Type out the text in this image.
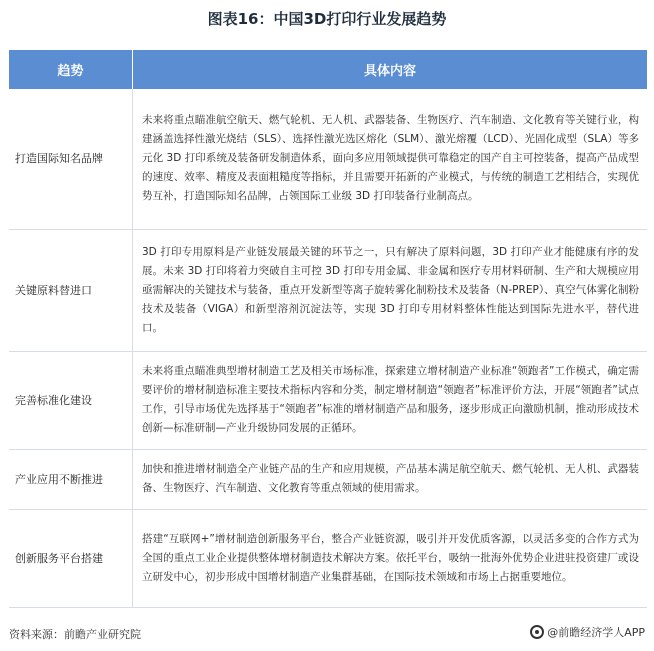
图表16：中国3D打印行业发展趋势
趋势	具体内容
打造国际知名品牌	未来将重点瞄准航空航天、燃气轮机、无人机、武器装备、生物医疗、汽车制造、文化教育等关键行业，构建涵盖选择性激光烧结（SLS）、选择性激光选区熔化（SLM）、激光熔覆（LCD）、光固化成型（SLA）等多元化 3D 打印系统及装备研发制造体系，面向多应用领域提供可靠稳定的国产自主可控装备，提高产品成型的速度、效率、精度及表面粗糙度等指标，并且需要开拓新的产业模式，与传统的制造工艺相结合，实现优势互补，打造国际知名品牌，占领国际工业级 3D 打印装备行业制高点。
关键原料替进口	3D 打印专用原料是产业链发展最关键的环节之一，只有解决了原料问题，3D 打印产业才能健康有序的发展。未来 3D 打印将着力突破自主可控 3D 打印专用金属、非金属和医疗专用材料研制、生产和大规模应用亟需解决的关键技术与装备，重点开发新型等离子旋转雾化制粉技术及装备（N-PREP）、真空气体雾化制粉技术及装备（VIGA）和新型溶剂沉淀法等，实现 3D 打印专用材料整体性能达到国际先进水平，替代进口。
完善标准化建设	未来将重点瞄准典型增材制造工艺及相关市场标准，探索建立增材制造产业标准“领跑者”工作模式，确定需要评价的增材制造标准主要技术指标内容和分类，制定增材制造“领跑者”标准评价方法，开展“领跑者”试点工作，引导市场优先选择基于“领跑者”标准的增材制造产品和服务，逐步形成正向激励机制，推动形成技术创新—标准研制—产业升级协同发展的正循环。
产业应用不断推进	加快和推进增材制造全产业链产品的生产和应用规模，产品基本满足航空航天、燃气轮机、无人机、武器装备、生物医疗、汽车制造、文化教育等重点领域的使用需求。
创新服务平台搭建	搭建“互联网+”增材制造创新服务平台，整合产业链资源，吸引并开发优质客源，以灵活多变的合作方式为全国的重点工业企业提供整体增材制造技术解决方案。依托平台，吸纳一批海外优势企业进驻投资建厂或设立研发中心，初步形成中国增材制造产业集群基础，在国际技术领域和市场上占据重要地位。
资料来源：前瞻产业研究院	@前瞻经济学人APP
